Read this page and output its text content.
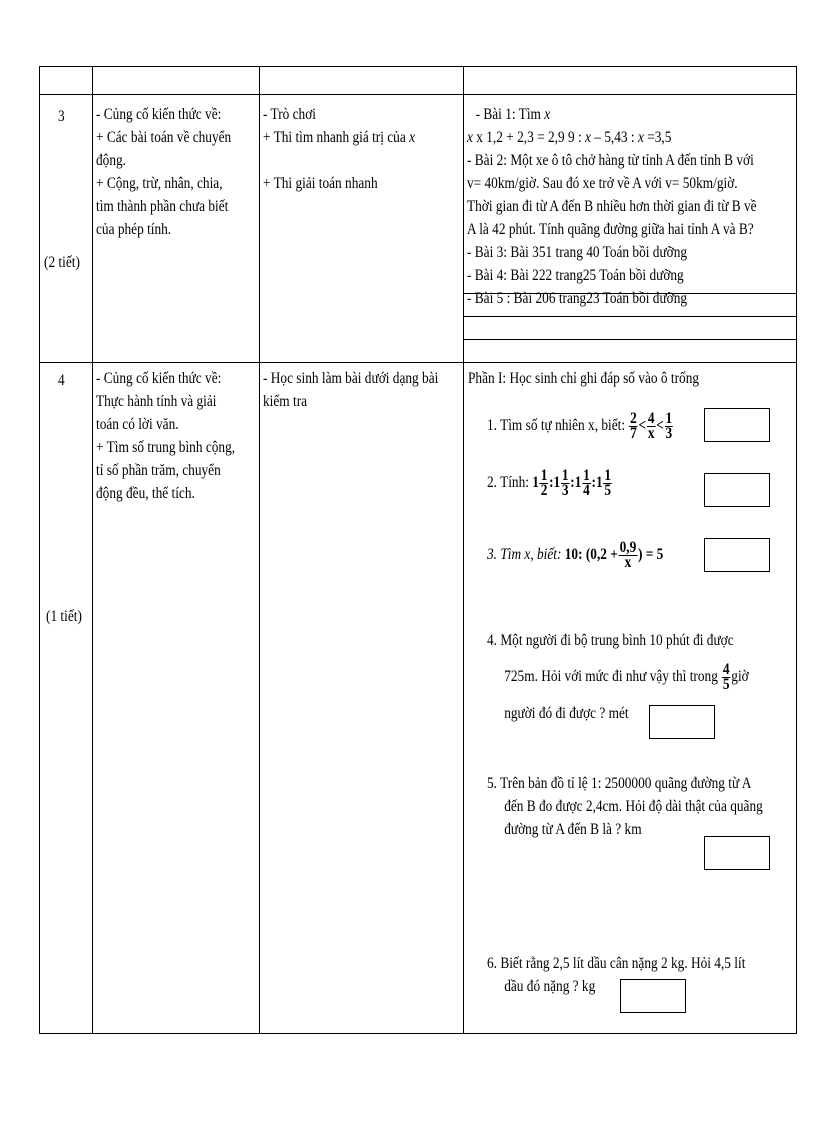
3
(2 tiết)
- Củng cố kiến thức về:
+ Các bài toán về chuyển
động.
+ Cộng, trừ, nhân, chia,
tìm thành phần chưa biết
của phép tính.
- Trò chơi
+ Thi tìm nhanh giá trị của x
+ Thi giải toán nhanh
- Bài 1: Tìm x
x x 1,2 + 2,3 = 2,9 9 : x – 5,43 : x =3,5
- Bài 2: Một xe ô tô chở hàng từ tỉnh A đến tỉnh B với
v= 40km/giờ. Sau đó xe trở về A với v= 50km/giờ.
Thời gian đi từ A đến B nhiều hơn thời gian đi từ B về
A là 42 phút. Tính quãng đường giữa hai tỉnh A và B?
- Bài 3: Bài 351 trang 40 Toán bồi dưỡng
- Bài 4: Bài 222 trang25 Toán bồi dưỡng
- Bài 5 : Bài 206 trang23 Toán bồi dưỡng
4
(1 tiết)
- Củng cố kiến thức về:
Thực hành tính và giải
toán có lời văn.
+ Tìm số trung bình cộng,
tỉ số phần trăm, chuyển
động đều, thể tích.
- Học sinh làm bài dưới dạng bài
kiểm tra
Phần I: Học sinh chỉ ghi đáp số vào ô trống
1. Tìm số tự nhiên x, biết: $\frac{2}{7} < \frac{4}{x} < \frac{1}{3}$
2. Tính: $1 \frac{1}{2}$ :1 $\frac{1}{3}$ :1 $\frac{1}{4}$ :1 $\frac{1}{5}$
3. Tìm x, biết: 10: ($0,2 + \frac{0,9}{x}$ ) = 5
4. Một người đi bộ trung bình 10 phút đi được
725m. Hỏi với mức đi như vậy thì trong $\frac{4}{5}$ giờ
người đó đi được ? mét
5. Trên bản đồ tỉ lệ 1: 2500000 quãng đường từ A
đến B đo được 2,4cm. Hỏi độ dài thật của quãng
đường từ A đến B là ? km
6. Biết rằng 2,5 lít dầu cân nặng 2 kg. Hỏi 4,5 lít
dầu đó nặng ? kg
